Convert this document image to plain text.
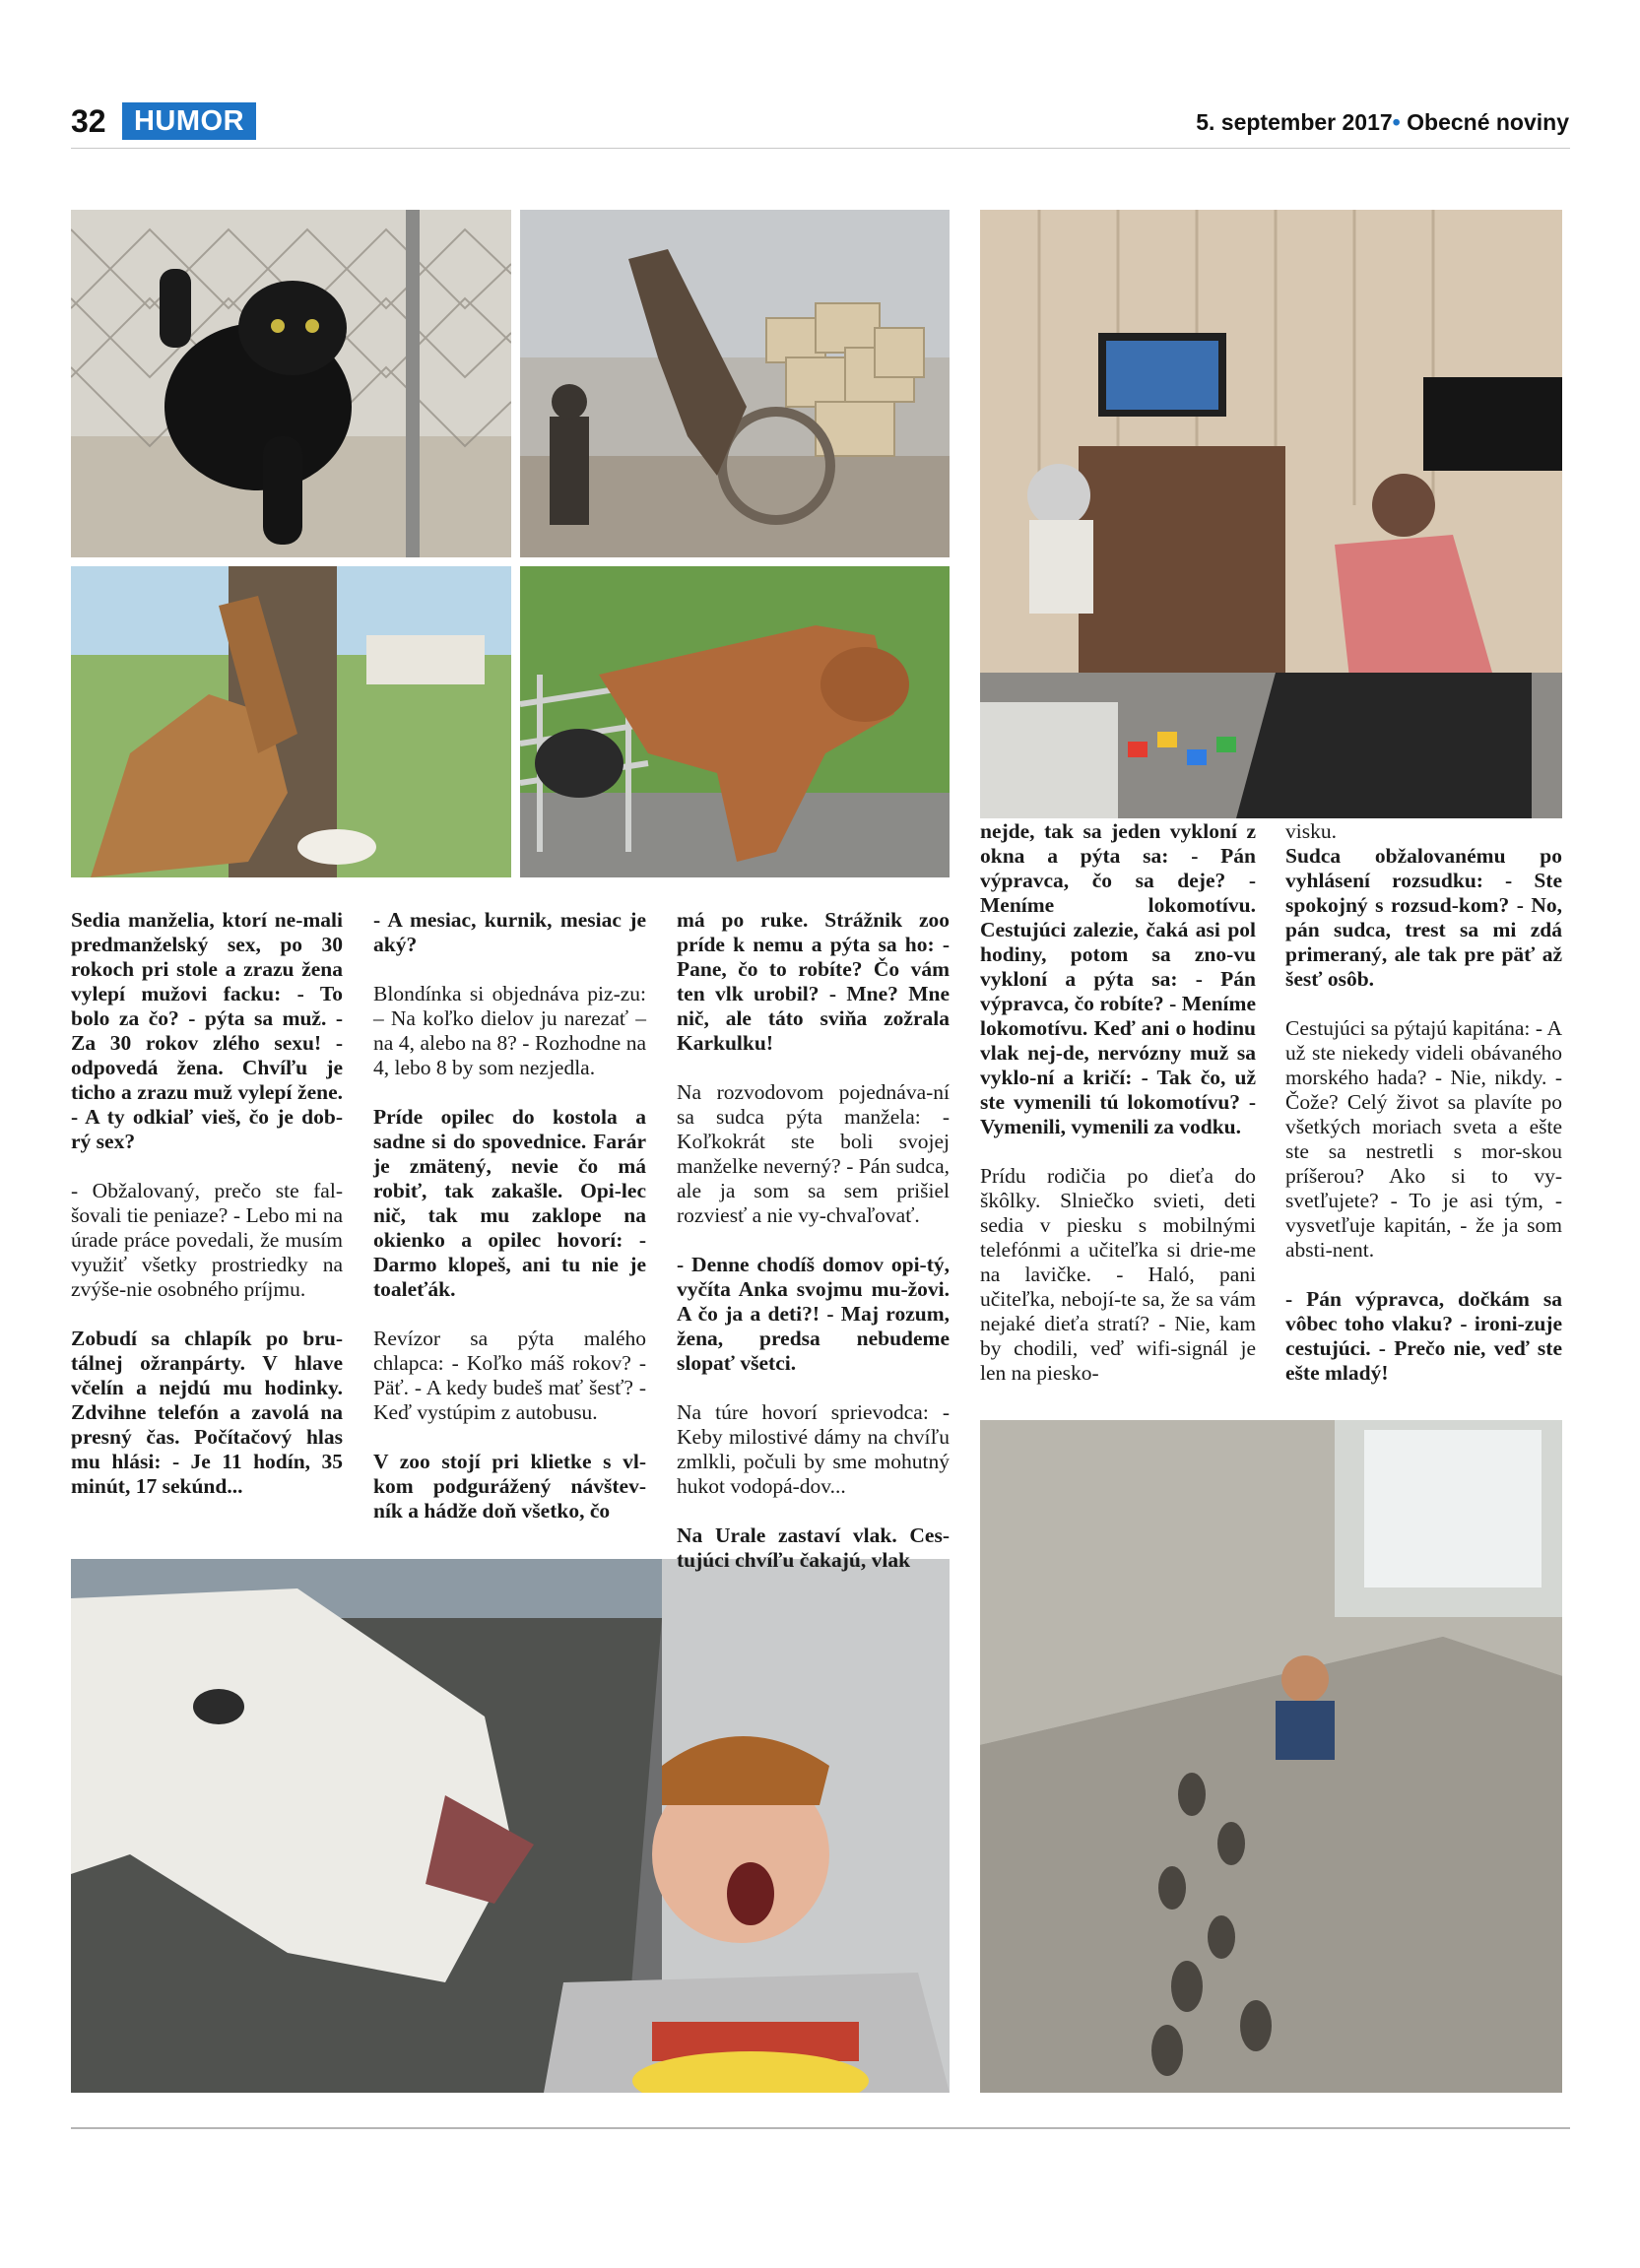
32 HUMOR	5. september 2017• Obecné noviny

Sedia manželia, ktorí ne-mali predmanželský sex, po 30 rokoch pri stole a zrazu žena vylepí mužovi facku: - To bolo za čo? - pýta sa muž. - Za 30 rokov zlého sexu! - odpovedá žena. Chvíľu je ticho a zrazu muž vylepí žene. - A ty odkiaľ vieš, čo je dob-rý sex?

- Obžalovaný, prečo ste fal-šovali tie peniaze? - Lebo mi na úrade práce povedali, že musím využiť všetky prostriedky na zvýše-nie osobného príjmu.

Zobudí sa chlapík po bru-tálnej ožranpárty. V hlave včelín a nejdú mu hodinky. Zdvihne telefón a zavolá na presný čas. Počítačový hlas mu hlási: - Je 11 hodín, 35 minút, 17 sekúnd...

- A mesiac, kurnik, mesiac je aký?

Blondínka si objednáva piz-zu: – Na koľko dielov ju narezať – na 4, alebo na 8? - Rozhodne na 4, lebo 8 by som nezjedla.

Príde opilec do kostola a sadne si do spovednice. Farár je zmätený, nevie čo má robiť, tak zakašle. Opi-lec nič, tak mu zaklope na okienko a opilec hovorí: - Darmo klopeš, ani tu nie je toaleťák.

Revízor sa pýta malého chlapca: - Koľko máš rokov? - Päť. - A kedy budeš mať šesť? - Keď vystúpim z autobusu.

V zoo stojí pri klietke s vl-kom podgurážený návštev-ník a hádže doň všetko, čo

má po ruke. Strážnik zoo príde k nemu a pýta sa ho: - Pane, čo to robíte? Čo vám ten vlk urobil? - Mne? Mne nič, ale táto sviňa zožrala Karkulku!

Na rozvodovom pojednáva-ní sa sudca pýta manžela: - Koľkokrát ste boli svojej manželke neverný? - Pán sudca, ale ja som sa sem prišiel rozviesť a nie vy-chvaľovať.

- Denne chodíš domov opi-tý, vyčíta Anka svojmu mu-žovi. A čo ja a deti?! - Maj rozum, žena, predsa nebudeme slopať všetci.

Na túre hovorí sprievodca: - Keby milostivé dámy na chvíľu zmlkli, počuli by sme mohutný hukot vodopá-dov...

Na Urale zastaví vlak. Ces-tujúci chvíľu čakajú, vlak

nejde, tak sa jeden vykloní z okna a pýta sa: - Pán výpravca, čo sa deje? - Meníme lokomotívu. Cestujúci zalezie, čaká asi pol hodiny, potom sa zno-vu vykloní a pýta sa: - Pán výpravca, čo robíte? - Meníme lokomotívu. Keď ani o hodinu vlak nej-de, nervózny muž sa vyklo-ní a kričí: - Tak čo, už ste vymenili tú lokomotívu? - Vymenili, vymenili za vodku.

Prídu rodičia po dieťa do škôlky. Slniečko svieti, deti sedia v piesku s mobilnými telefónmi a učiteľka si drie-me na lavičke. - Haló, pani učiteľka, nebojí-te sa, že sa vám nejaké dieťa stratí? - Nie, kam by chodili, veď wifi-signál je len na piesko-

visku.

Sudca obžalovanému po vyhlásení rozsudku: - Ste spokojný s rozsud-kom? - No, pán sudca, trest sa mi zdá primeraný, ale tak pre päť až šesť osôb.

Cestujúci sa pýtajú kapitána: - A už ste niekedy videli obávaného morského hada? - Nie, nikdy. - Čože? Celý život sa plavíte po všetkých moriach sveta a ešte ste sa nestretli s mor-skou príšerou? Ako si to vy-svetľujete? - To je asi tým, - vysvetľuje kapitán, - že ja som absti-nent.

- Pán výpravca, dočkám sa vôbec toho vlaku? - ironi-zuje cestujúci. - Prečo nie, veď ste ešte mladý!
